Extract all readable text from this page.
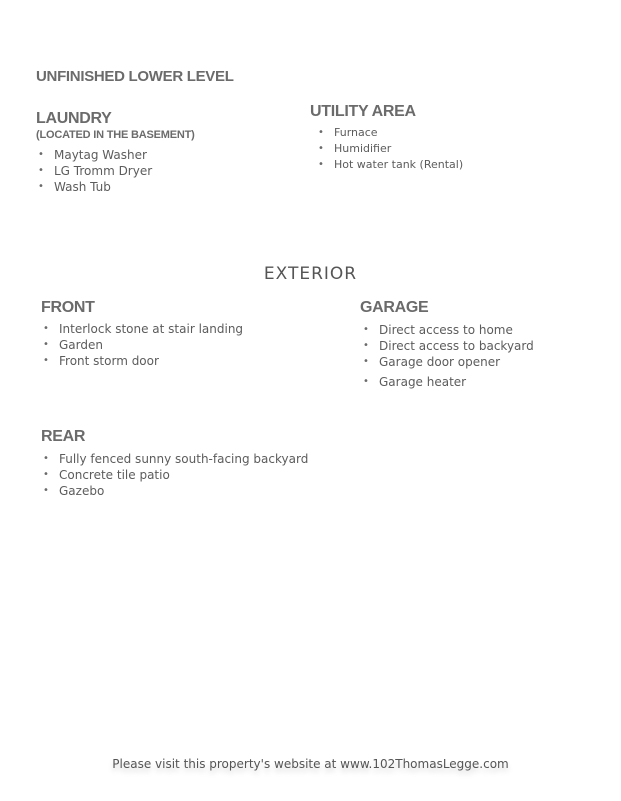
UNFINISHED LOWER LEVEL
LAUNDRY

(LOCATED IN THE BASEMENT)

• Maytag Washer
• LG Tromm Dryer
• Wash Tub
UTILITY AREA
• Furnace
• Humidifier
• Hot water tank (Rental)
EXTERIOR
FRONT
• Interlock stone at stair landing
• Garden
• Front storm door
GARAGE
• Direct access to home
• Direct access to backyard
• Garage door opener
• Garage heater
REAR
• Fully fenced sunny south-facing backyard
• Concrete tile patio
• Gazebo
Please visit this property's website at www.102ThomasLegge.com
